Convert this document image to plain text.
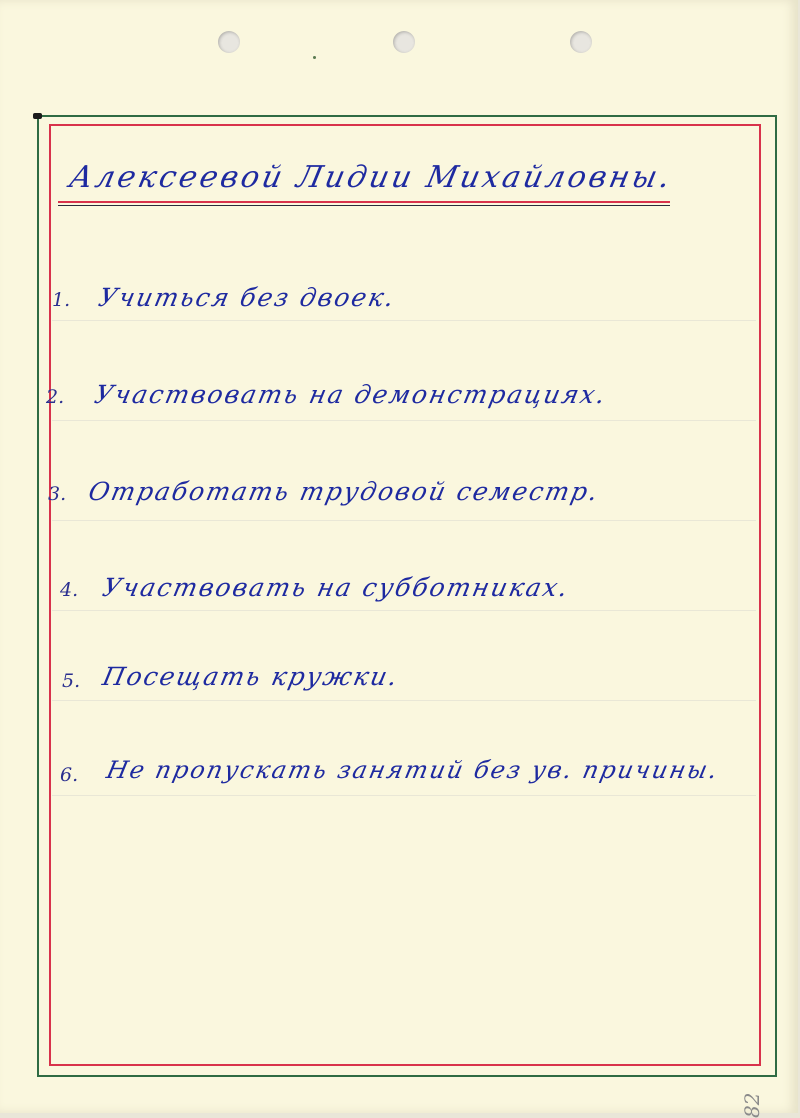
Алексеевой Лидии Михайловны.
1. Учиться без двоек.
2. Участвовать на демонстрациях.
3. Отработать трудовой семестр.
4. Участвовать на субботниках.
5. Посещать кружки.
6. Не пропускать занятий без ув. причины.
82
